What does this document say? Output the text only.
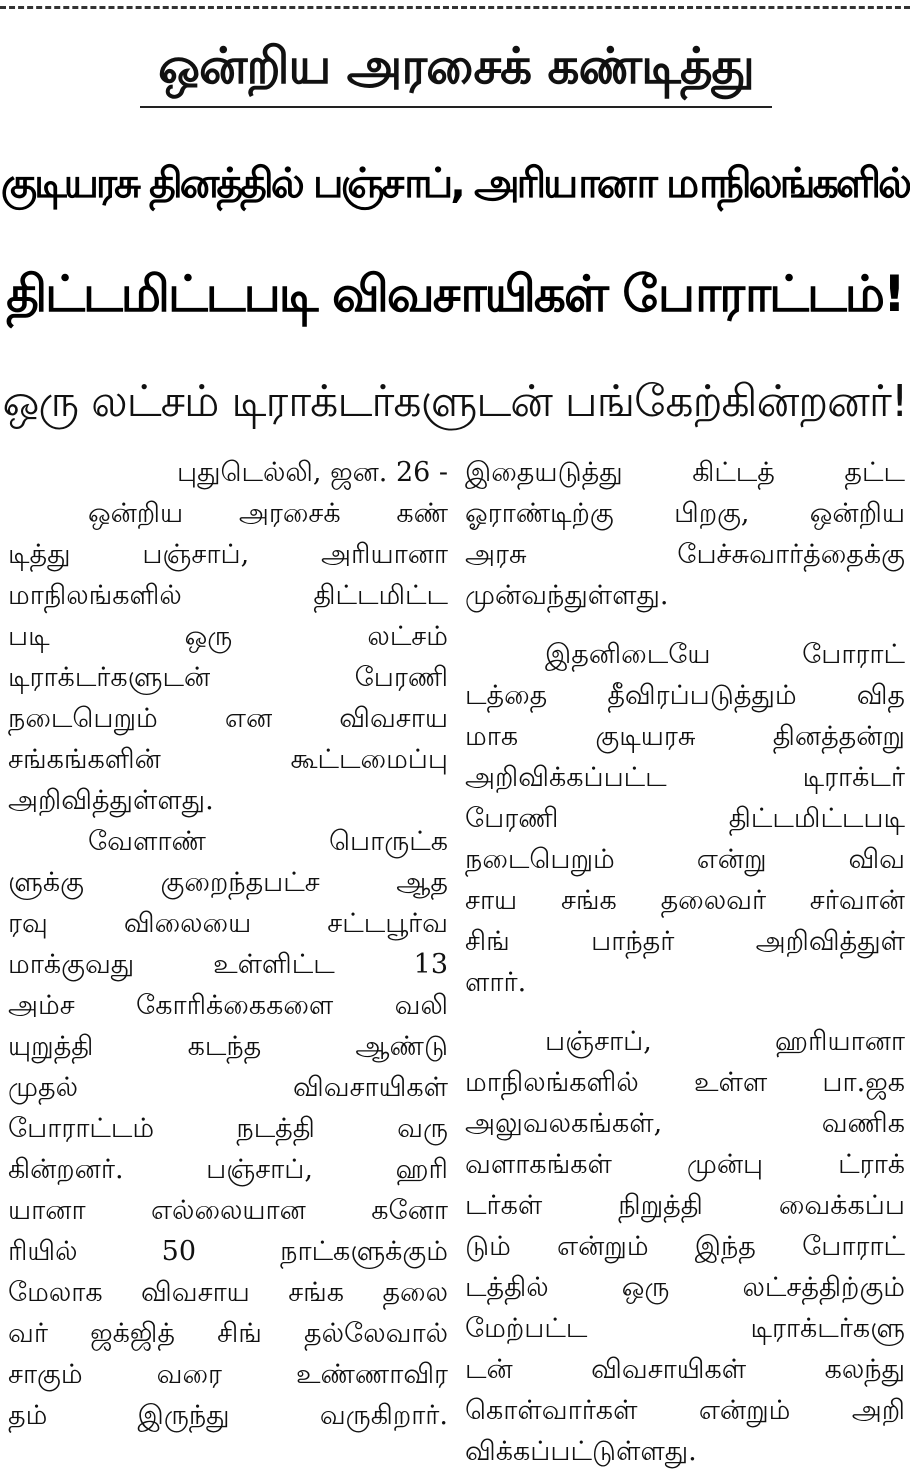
ஒன்றிய அரசைக் கண்டித்து
குடியரசு தினத்தில் பஞ்சாப், அரியானா மாநிலங்களில்
திட்டமிட்டபடி விவசாயிகள் போராட்டம்!
ஒரு லட்சம் டிராக்டர்களுடன் பங்கேற்கின்றனர்!
புதுடெல்லி, ஜன. 26 -
ஒன்றிய அரசைக் கண்
டித்து பஞ்சாப், அரியானா
மாநிலங்களில் திட்டமிட்ட
படி ஒரு லட்சம்
டிராக்டர்களுடன் பேரணி
நடைபெறும் என விவசாய
சங்கங்களின் கூட்டமைப்பு
அறிவித்துள்ளது.
வேளாண் பொருட்க
ளுக்கு குறைந்தபட்ச ஆத
ரவு விலையை சட்டபூர்வ
மாக்குவது உள்ளிட்ட 13
அம்ச கோரிக்கைகளை வலி
யுறுத்தி கடந்த ஆண்டு
முதல் விவசாயிகள்
போராட்டம் நடத்தி வரு
கின்றனர். பஞ்சாப், ஹரி
யானா எல்லையான கனோ
ரியில் 50 நாட்களுக்கும்
மேலாக விவசாய சங்க தலை
வர் ஜக்ஜித் சிங் தல்லேவால்
சாகும் வரை உண்ணாவிர
தம் இருந்து வருகிறார்.
இதையடுத்து கிட்டத் தட்ட
ஓராண்டிற்கு பிறகு, ஒன்றிய
அரசு பேச்சுவார்த்தைக்கு
முன்வந்துள்ளது.
இதனிடையே போராட்
டத்தை தீவிரப்படுத்தும் வித
மாக குடியரசு தினத்தன்று
அறிவிக்கப்பட்ட டிராக்டர்
பேரணி திட்டமிட்டபடி
நடைபெறும் என்று விவ
சாய சங்க தலைவர் சர்வான்
சிங் பாந்தர் அறிவித்துள்
ளார்.
பஞ்சாப், ஹரியானா
மாநிலங்களில் உள்ள பா.ஜக
அலுவலகங்கள், வணிக
வளாகங்கள் முன்பு ட்ராக்
டர்கள் நிறுத்தி வைக்கப்ப
டும் என்றும் இந்த போராட்
டத்தில் ஒரு லட்சத்திற்கும்
மேற்பட்ட டிராக்டர்களு
டன் விவசாயிகள் கலந்து
கொள்வார்கள் என்றும் அறி
விக்கப்பட்டுள்ளது.
